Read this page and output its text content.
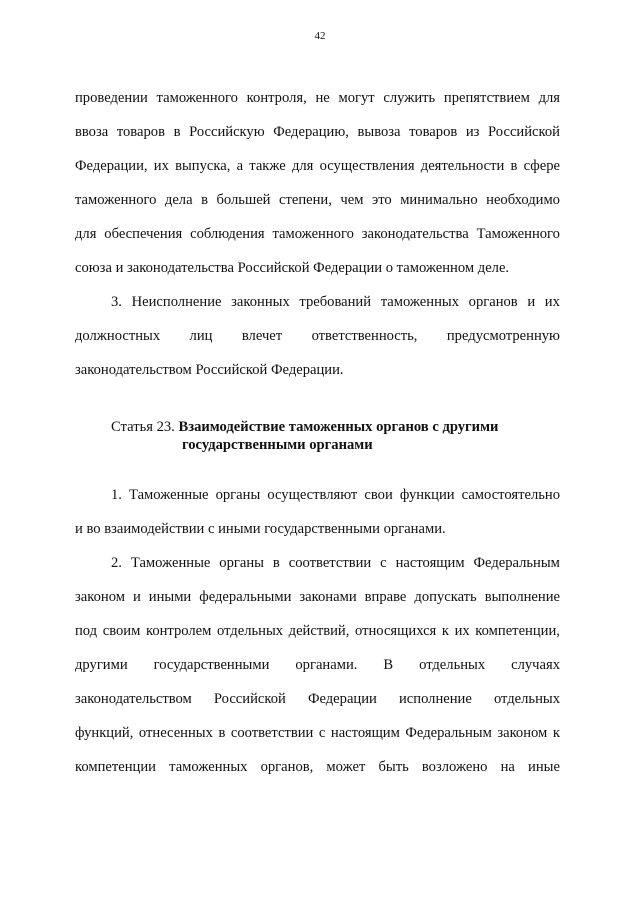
42
проведении таможенного контроля, не могут служить препятствием для
ввоза товаров в Российскую Федерацию, вывоза товаров из Российской
Федерации, их выпуска, а также для осуществления деятельности в сфере
таможенного дела в большей степени, чем это минимально необходимо
для обеспечения соблюдения таможенного законодательства Таможенного
союза и законодательства Российской Федерации о таможенном деле.
3. Неисполнение законных требований таможенных органов и их
должностных лиц влечет ответственность, предусмотренную
законодательством Российской Федерации.
Статья 23. Взаимодействие таможенных органов с другими
государственными органами
1. Таможенные органы осуществляют свои функции самостоятельно
и во взаимодействии с иными государственными органами.
2. Таможенные органы в соответствии с настоящим Федеральным
законом и иными федеральными законами вправе допускать выполнение
под своим контролем отдельных действий, относящихся к их компетенции,
другими государственными органами. В отдельных случаях
законодательством Российской Федерации исполнение отдельных
функций, отнесенных в соответствии с настоящим Федеральным законом к
компетенции таможенных органов, может быть возложено на иные
